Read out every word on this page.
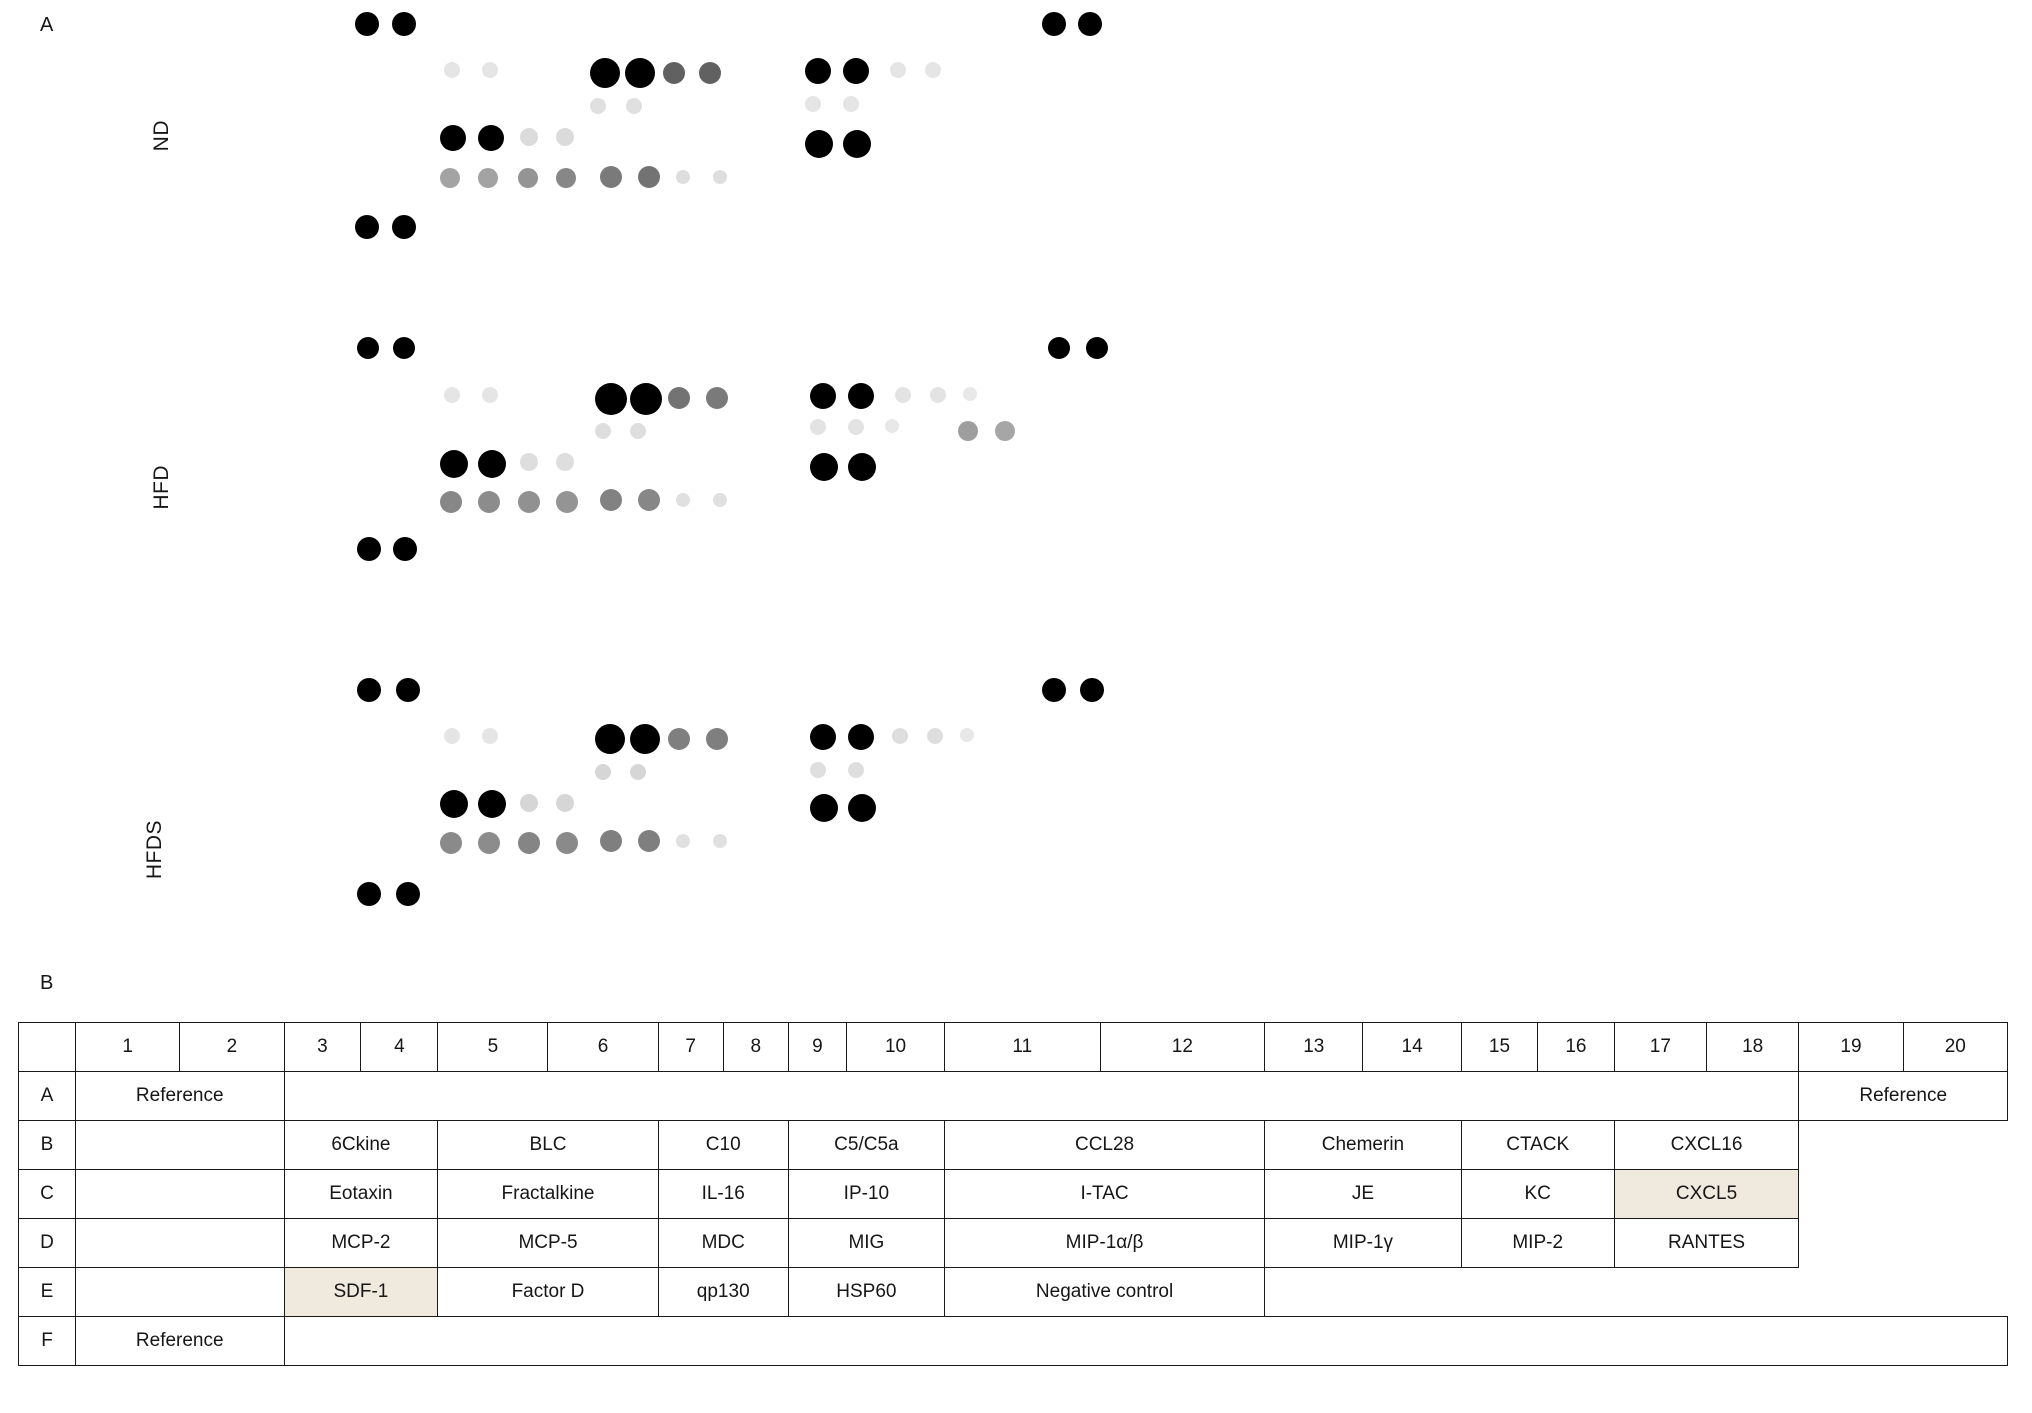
A
B
ND
HFD
HFDS
	1	2	3	4	5	6	7	8	9	10	11	12	13	14	15	16	17	18	19	20
A	Reference																		Reference	
B			6Ckine		BLC		C10		C5/C5a		CCL28		Chemerin		CTACK		CXCL16			
C			Eotaxin		Fractalkine		IL-16		IP-10		I-TAC		JE		KC		CXCL5			
D			MCP-2		MCP-5		MDC		MIG		MIP-1α/β		MIP-1γ		MIP-2		RANTES			
E			SDF-1		Factor D		qp130		HSP60		Negative control									
F	Reference																			
